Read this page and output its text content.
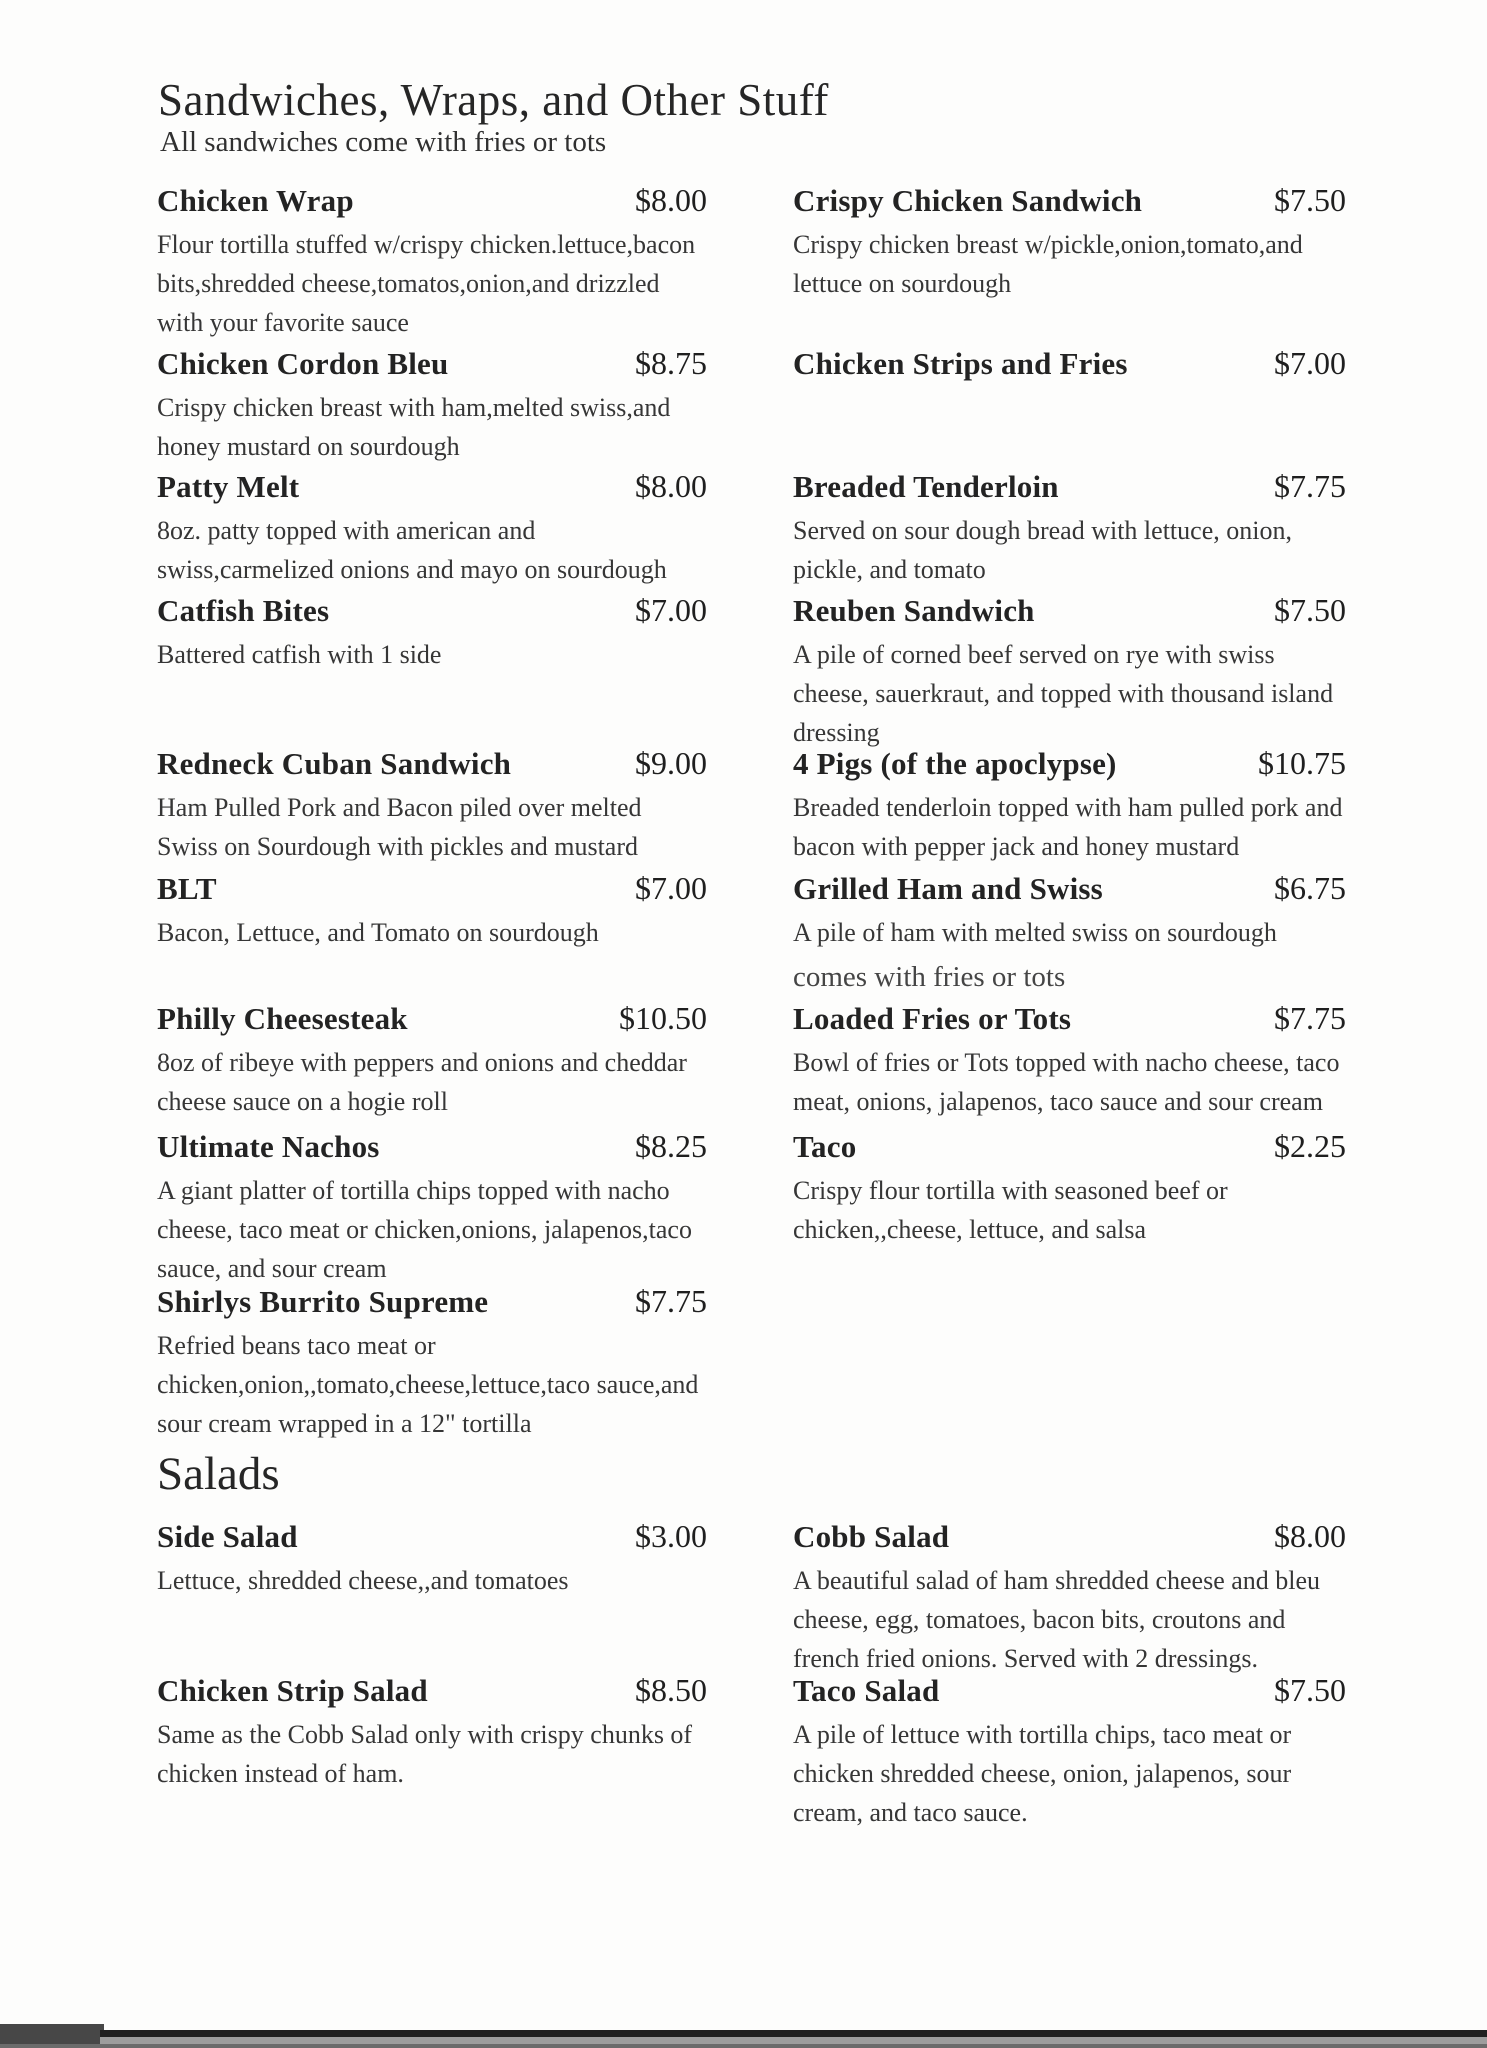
Sandwiches, Wraps, and Other Stuff
All sandwiches come with fries or tots
Chicken Wrap	$8.00
Flour tortilla stuffed w/crispy chicken.lettuce,bacon bits,shredded cheese,tomatos,onion,and drizzled with your favorite sauce
Crispy Chicken Sandwich	$7.50
Crispy chicken breast w/pickle,onion,tomato,and lettuce on sourdough
Chicken Cordon Bleu	$8.75
Crispy chicken breast with ham,melted swiss,and honey mustard on sourdough
Chicken Strips and Fries	$7.00
Patty Melt	$8.00
8oz. patty topped with american and swiss,carmelized onions and mayo on sourdough
Breaded Tenderloin	$7.75
Served on sour dough bread with lettuce, onion, pickle, and tomato
Catfish Bites	$7.00
Battered catfish with 1 side
Reuben Sandwich	$7.50
A pile of corned beef served on rye with swiss cheese, sauerkraut, and topped with thousand island dressing
Redneck Cuban Sandwich	$9.00
Ham Pulled Pork and Bacon piled over melted Swiss on Sourdough with pickles and mustard
4 Pigs (of the apoclypse)	$10.75
Breaded tenderloin topped with ham pulled pork and bacon with pepper jack and honey mustard
BLT	$7.00
Bacon, Lettuce, and Tomato on sourdough
Grilled Ham and Swiss	$6.75
A pile of ham with melted swiss on sourdough
comes with fries or tots
Philly Cheesesteak	$10.50
8oz of ribeye with peppers and onions and cheddar cheese sauce on a hogie roll
Loaded Fries or Tots	$7.75
Bowl of fries or Tots topped with nacho cheese, taco meat, onions, jalapenos, taco sauce and sour cream
Ultimate Nachos	$8.25
A giant platter of tortilla chips topped with nacho cheese, taco meat or chicken,onions, jalapenos,taco sauce, and sour cream
Taco	$2.25
Crispy flour tortilla with seasoned beef or chicken,,cheese, lettuce, and salsa
Shirlys Burrito Supreme	$7.75
Refried beans taco meat or chicken,onion,,tomato,cheese,lettuce,taco sauce,and sour cream wrapped in a 12" tortilla
Salads
Side Salad	$3.00
Lettuce, shredded cheese,,and tomatoes
Cobb Salad	$8.00
A beautiful salad of ham shredded cheese and bleu cheese, egg, tomatoes, bacon bits, croutons and french fried onions. Served with 2 dressings.
Chicken Strip Salad	$8.50
Same as the Cobb Salad only with crispy chunks of chicken instead of ham.
Taco Salad	$7.50
A pile of lettuce with tortilla chips, taco meat or chicken shredded cheese, onion, jalapenos, sour cream, and taco sauce.
